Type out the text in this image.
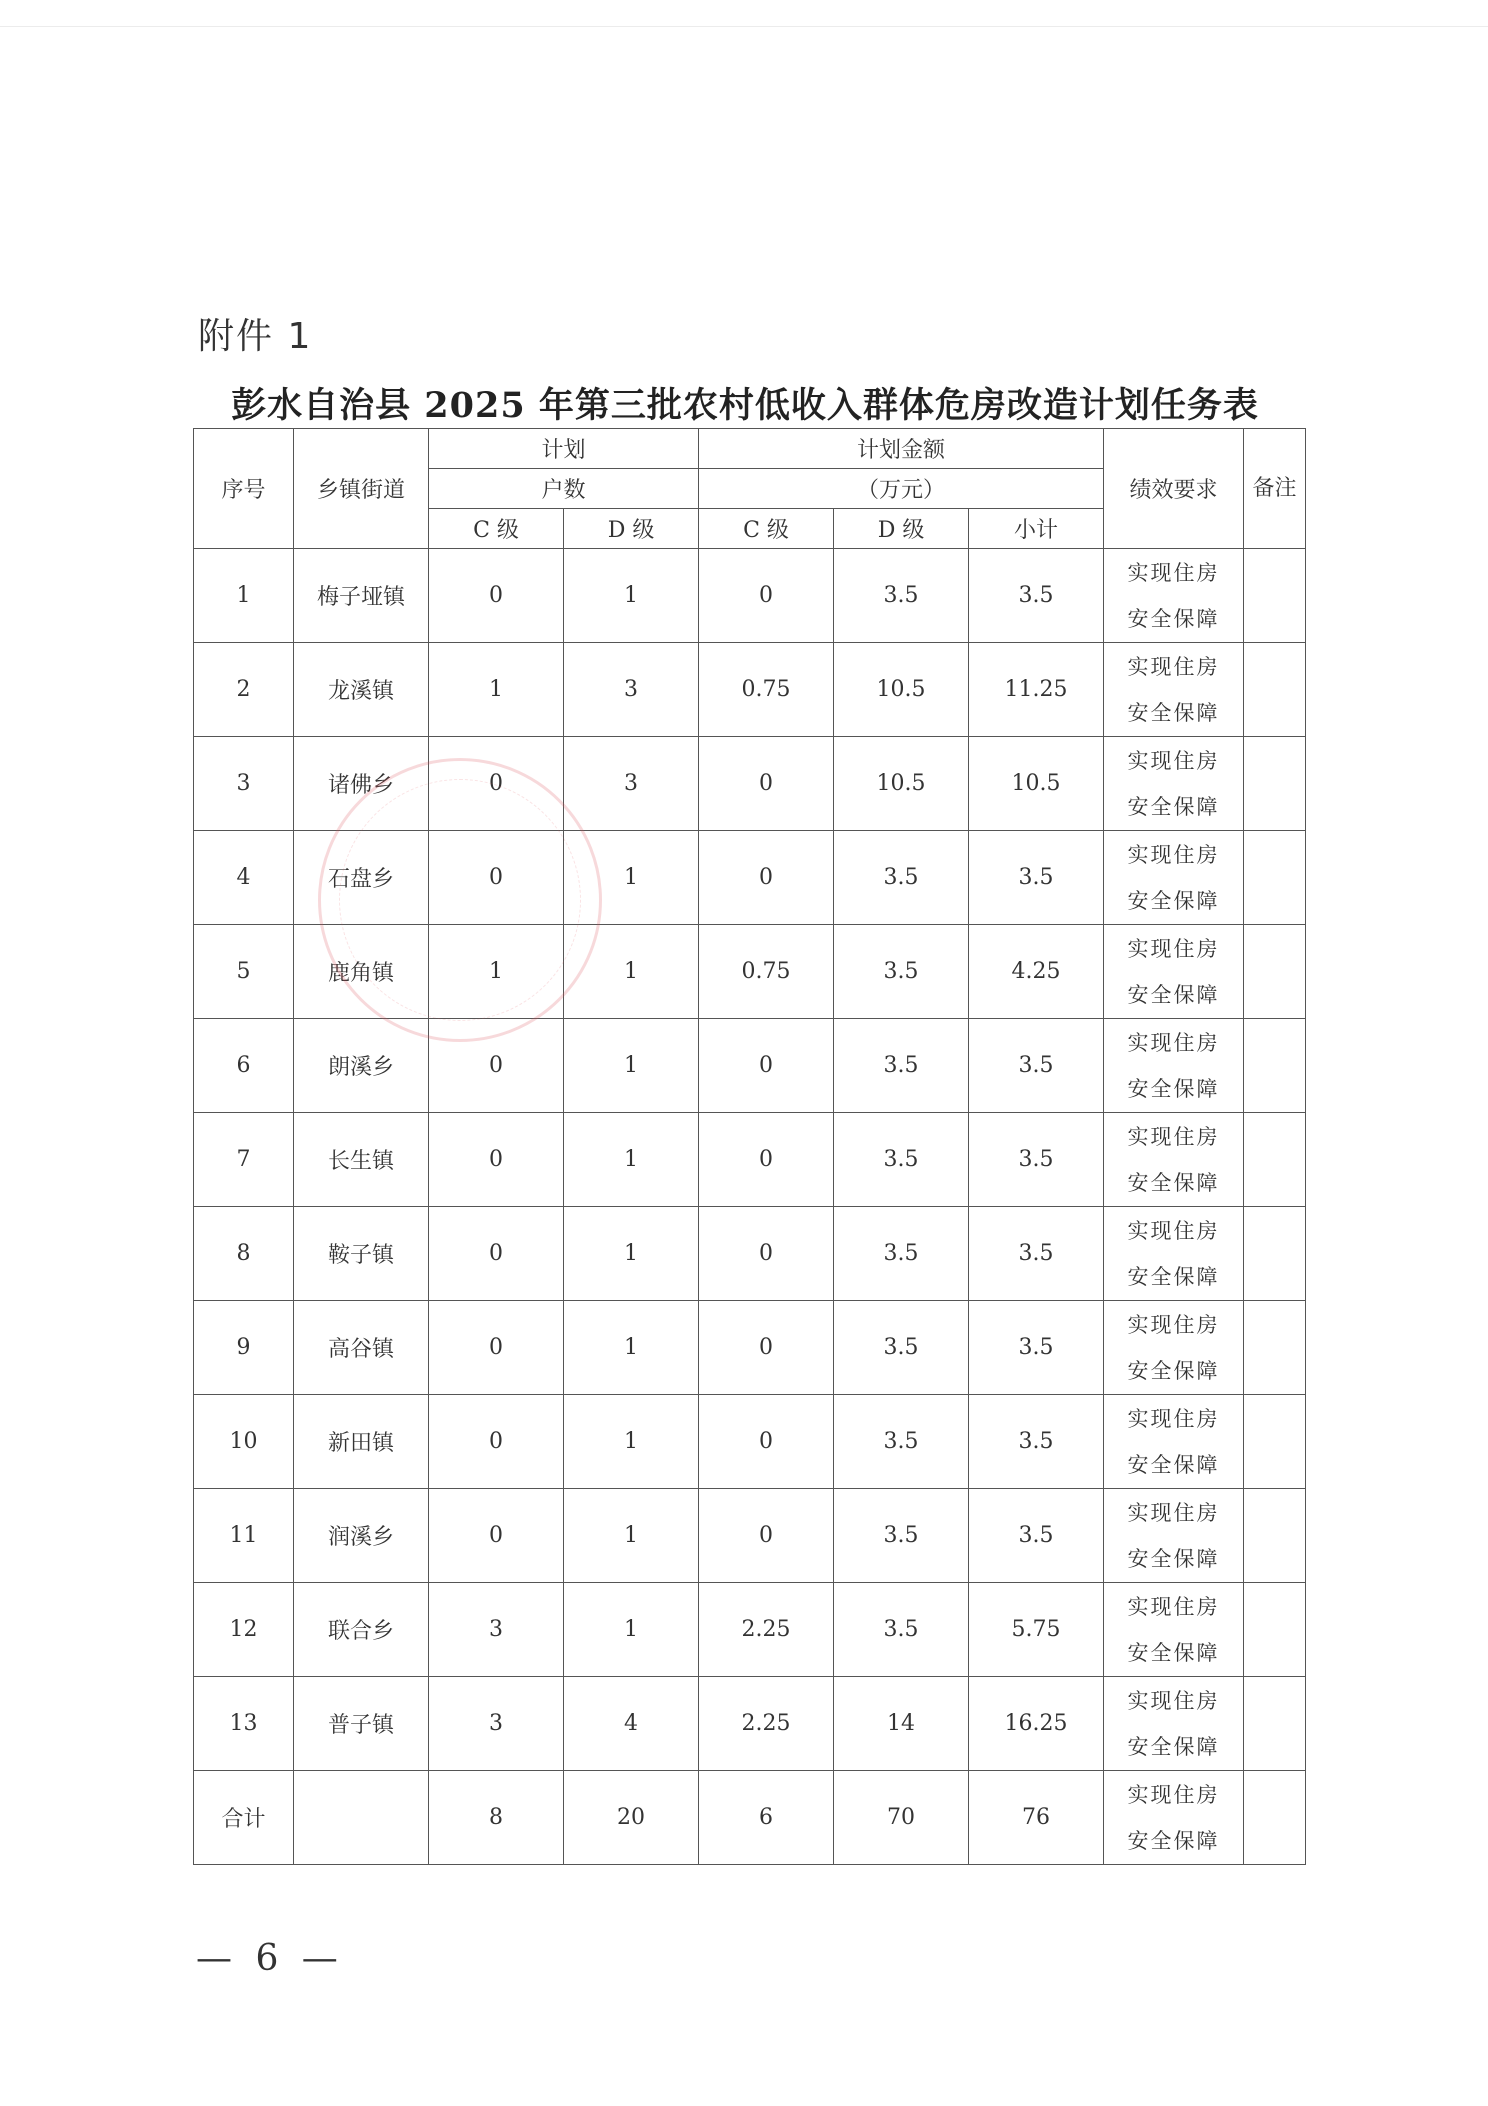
附件 1
彭水自治县 2025 年第三批农村低收入群体危房改造计划任务表
序号	乡镇街道	计划		计划金额			绩效要求	备注
		户数		（万元）				
		C 级	D 级	C 级	D 级	小计		
1	梅子垭镇	0	1	0	3.5	3.5	实现住房
安全保障	

2	龙溪镇	1	3	0.75	10.5	11.25	实现住房
安全保障	

3	诸佛乡	0	3	0	10.5	10.5	实现住房
安全保障	

4	石盘乡	0	1	0	3.5	3.5	实现住房
安全保障	

5	鹿角镇	1	1	0.75	3.5	4.25	实现住房
安全保障	

6	朗溪乡	0	1	0	3.5	3.5	实现住房
安全保障	

7	长生镇	0	1	0	3.5	3.5	实现住房
安全保障	

8	鞍子镇	0	1	0	3.5	3.5	实现住房
安全保障	

9	高谷镇	0	1	0	3.5	3.5	实现住房
安全保障	

10	新田镇	0	1	0	3.5	3.5	实现住房
安全保障	

11	润溪乡	0	1	0	3.5	3.5	实现住房
安全保障	

12	联合乡	3	1	2.25	3.5	5.75	实现住房
安全保障	

13	普子镇	3	4	2.25	14	16.25	实现住房
安全保障	

合计		8	20	6	70	76	实现住房
安全保障	

— 6 —
